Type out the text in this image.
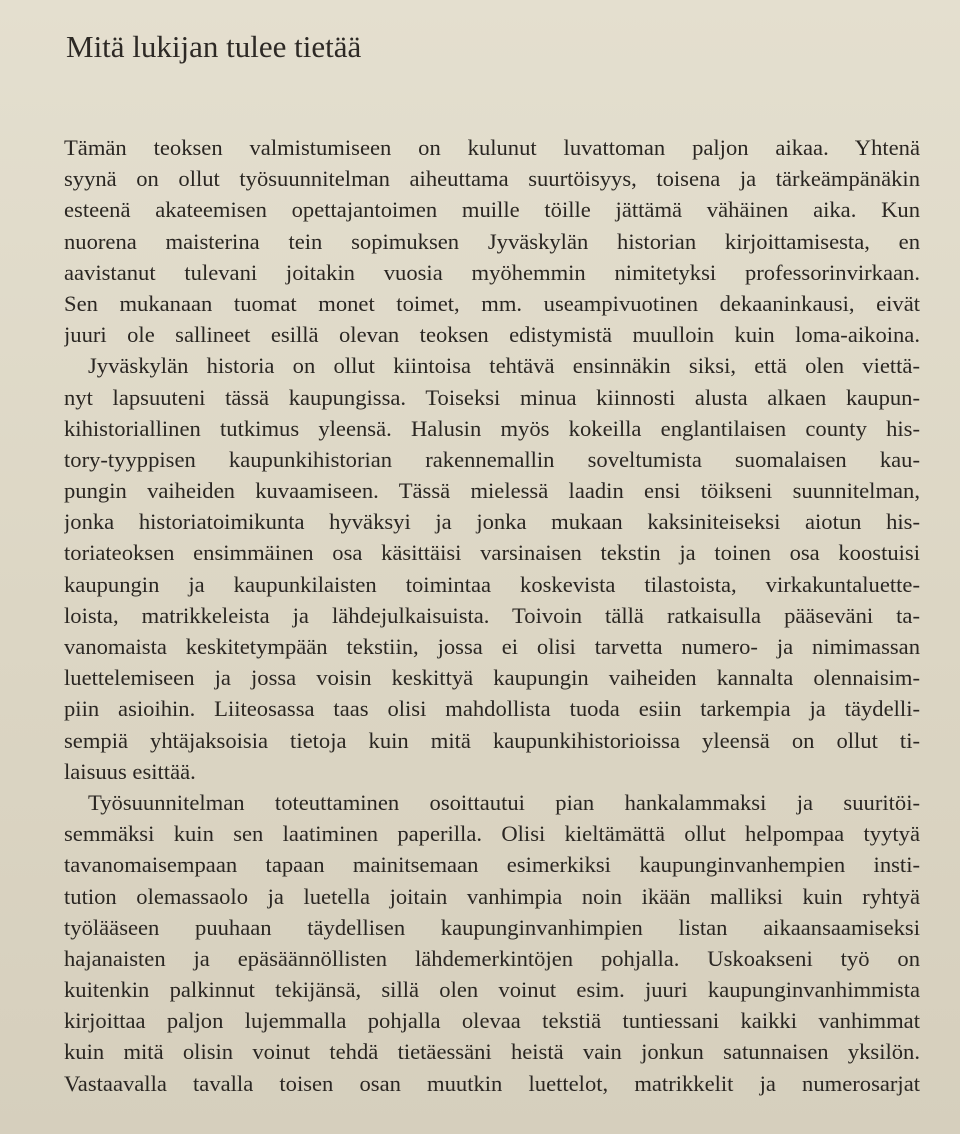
Mitä lukijan tulee tietää
Tämän teoksen valmistumiseen on kulunut luvattoman paljon aikaa. Yhtenä
syynä on ollut työsuunnitelman aiheuttama suurtöisyys, toisena ja tärkeämpänäkin
esteenä akateemisen opettajantoimen muille töille jättämä vähäinen aika. Kun
nuorena maisterina tein sopimuksen Jyväskylän historian kirjoittamisesta, en
aavistanut tulevani joitakin vuosia myöhemmin nimitetyksi professorinvirkaan.
Sen mukanaan tuomat monet toimet, mm. useampivuotinen dekaaninkausi, eivät
juuri ole sallineet esillä olevan teoksen edistymistä muulloin kuin loma-aikoina.
Jyväskylän historia on ollut kiintoisa tehtävä ensinnäkin siksi, että olen viettä-
nyt lapsuuteni tässä kaupungissa. Toiseksi minua kiinnosti alusta alkaen kaupun-
kihistoriallinen tutkimus yleensä. Halusin myös kokeilla englantilaisen county his-
tory-tyyppisen kaupunkihistorian rakennemallin soveltumista suomalaisen kau-
pungin vaiheiden kuvaamiseen. Tässä mielessä laadin ensi töikseni suunnitelman,
jonka historiatoimikunta hyväksyi ja jonka mukaan kaksiniteiseksi aiotun his-
toriateoksen ensimmäinen osa käsittäisi varsinaisen tekstin ja toinen osa koostuisi
kaupungin ja kaupunkilaisten toimintaa koskevista tilastoista, virkakuntaluette-
loista, matrikkeleista ja lähdejulkaisuista. Toivoin tällä ratkaisulla pääseväni ta-
vanomaista keskitetympään tekstiin, jossa ei olisi tarvetta numero- ja nimimassan
luettelemiseen ja jossa voisin keskittyä kaupungin vaiheiden kannalta olennaisim-
piin asioihin. Liiteosassa taas olisi mahdollista tuoda esiin tarkempia ja täydelli-
sempiä yhtäjaksoisia tietoja kuin mitä kaupunkihistorioissa yleensä on ollut ti-
laisuus esittää.
Työsuunnitelman toteuttaminen osoittautui pian hankalammaksi ja suuritöi-
semmäksi kuin sen laatiminen paperilla. Olisi kieltämättä ollut helpompaa tyytyä
tavanomaisempaan tapaan mainitsemaan esimerkiksi kaupunginvanhempien insti-
tution olemassaolo ja luetella joitain vanhimpia noin ikään malliksi kuin ryhtyä
työlääseen puuhaan täydellisen kaupunginvanhimpien listan aikaansaamiseksi
hajanaisten ja epäsäännöllisten lähdemerkintöjen pohjalla. Uskoakseni työ on
kuitenkin palkinnut tekijänsä, sillä olen voinut esim. juuri kaupunginvanhimmista
kirjoittaa paljon lujemmalla pohjalla olevaa tekstiä tuntiessani kaikki vanhimmat
kuin mitä olisin voinut tehdä tietäessäni heistä vain jonkun satunnaisen yksilön.
Vastaavalla tavalla toisen osan muutkin luettelot, matrikkelit ja numerosarjat
